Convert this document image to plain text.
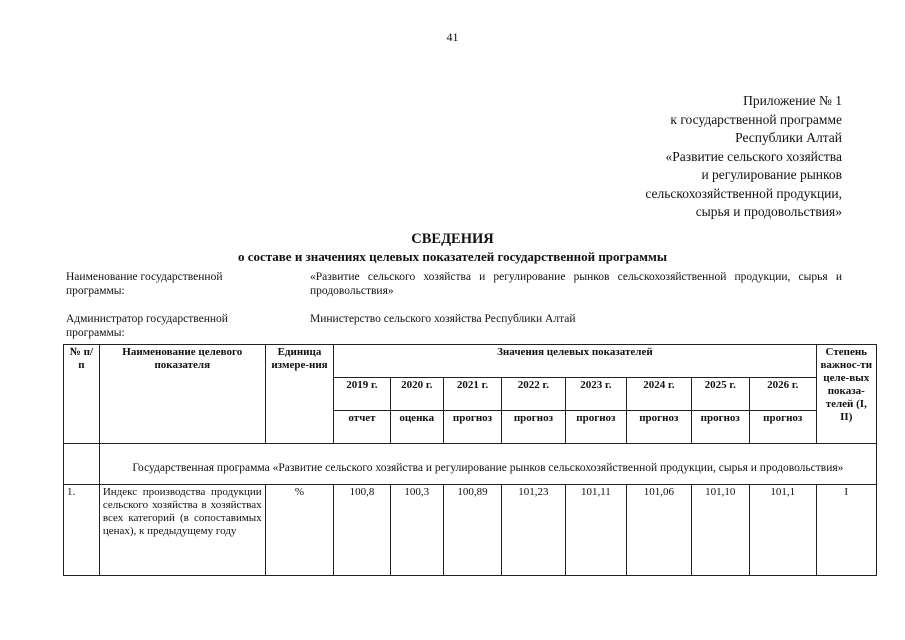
41
Приложение № 1
к государственной программе
Республики Алтай
«Развитие сельского хозяйства
и регулирование рынков
сельскохозяйственной продукции,
сырья и продовольствия»
СВЕДЕНИЯ
о составе и значениях целевых показателей государственной программы
Наименование государственной программы:
«Развитие сельского хозяйства и регулирование рынков сельскохозяйственной продукции, сырья и продовольствия»
Администратор государственной программы:
Министерство сельского хозяйства Республики Алтай
№ п/п	Наименование целевого показателя	Единица измере-ния	Значения целевых показателей								Степень важнос-ти целе-вых показа-телей (I, II)
			2019 г.	2020 г.	2021 г.	2022 г.	2023 г.	2024 г.	2025 г.	2026 г.	
			отчет	оценка	прогноз	прогноз	прогноз	прогноз	прогноз	прогноз	
	Государственная программа «Развитие сельского хозяйства и регулирование рынков сельскохозяйственной продукции, сырья и продовольствия»										
1.	Индекс производства продукции сельского хозяйства в хозяйствах всех категорий (в сопоставимых ценах), к предыдущему году	%	100,8	100,3	100,89	101,23	101,11	101,06	101,10	101,1	I
